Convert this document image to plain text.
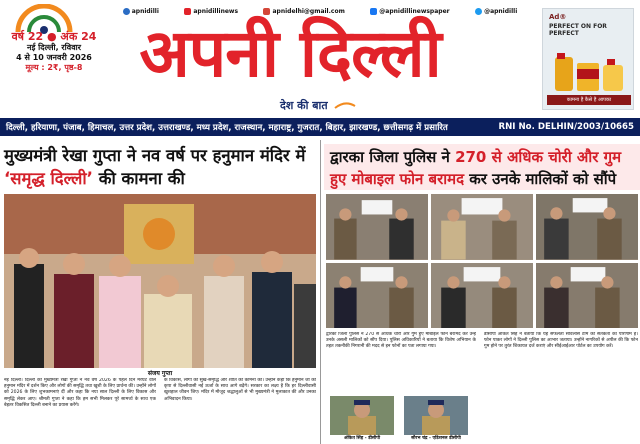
वर्ष 22 ● अंक 24
नई दिल्ली, रविवार
4 से 10 जनवरी 2026
मूल्य : 2₹, पृष्ठ-8
apnidilli	apnidillinews	apnidelhi@gmail.com	@apnidillinewspaper	@apnidilli
अपनी दिल्ली
देश की बात
Ad®
PERFECT ON FOR PERFECT
कामना है कैसे है आपका
दिल्ली, हरियाणा, पंजाब, हिमाचल, उत्तर प्रदेश, उत्तराखण्ड, मध्य प्रदेश, राजस्थान, महाराष्ट्र, गुजरात, बिहार, झारखण्ड, छत्तीसगढ़ में प्रसारित	RNI No. DELHIN/2003/10665
मुख्यमंत्री रेखा गुप्ता ने नव वर्ष पर हनुमान मंदिर में ‘समृद्ध दिल्ली’ की कामना की
संजय गुप्ता
नई दिल्ली। दिल्ली की मुख्यमंत्री रेखा गुप्ता ने नव वर्ष 2026 के पहले दिन मरघट वाले हनुमान मंदिर में दर्शन किए और लोगों की समृद्धि तथा खुशी के लिए प्रार्थना की। उन्होंने लोगों को 2026 के लिए शुभकामनाएं दीं और कहा कि नया साल दिल्ली के लिए विकास और समृद्धि लेकर आए। श्रीमती गुप्ता ने कहा कि हम सभी मिलकर पूरे सामर्थ्य के साथ एक बेहतर विकसित दिल्ली बनाने का प्रयास करेंगे।
के विकास, लोगों की सुख-समृद्धि और शांति की कामना की। उन्होंने कहा कि हनुमान जी की कृपा से दिल्लीवासी नई ऊर्जा के साथ आगे बढ़ेंगे। सरकार का लक्ष्य है कि हर दिल्लीवासी खुशहाल जीवन जिए। मंदिर में मौजूद श्रद्धालुओं से भी मुख्यमंत्री ने मुलाकात की और उनका अभिवादन किया।
द्वारका जिला पुलिस ने 270 से अधिक चोरी और गुम हुए मोबाइल फोन बरामद कर उनके मालिकों को सौंपे
द्वारका जिला पुलिस ने 270 से अधिक चोरी और गुम हुए मोबाइल फोन बरामद कर उन्हें उनके असली मालिकों को सौंप दिया। पुलिस अधिकारियों ने बताया कि विशेष अभियान के तहत तकनीकी निगरानी की मदद से इन फोनों का पता लगाया गया।
अंकित सिंह - डीसीपी	सौरभ चंद्र - एडिशनल डीसीपी
डीसीपी अंकित सिंह ने बताया कि यह सफलता सर्विलांस टीम की सतर्कता का परिणाम है। फोन पाकर लोगों ने दिल्ली पुलिस का आभार जताया। उन्होंने नागरिकों से अपील की कि फोन गुम होने पर तुरंत शिकायत दर्ज कराएं और सीईआईआर पोर्टल का उपयोग करें।
